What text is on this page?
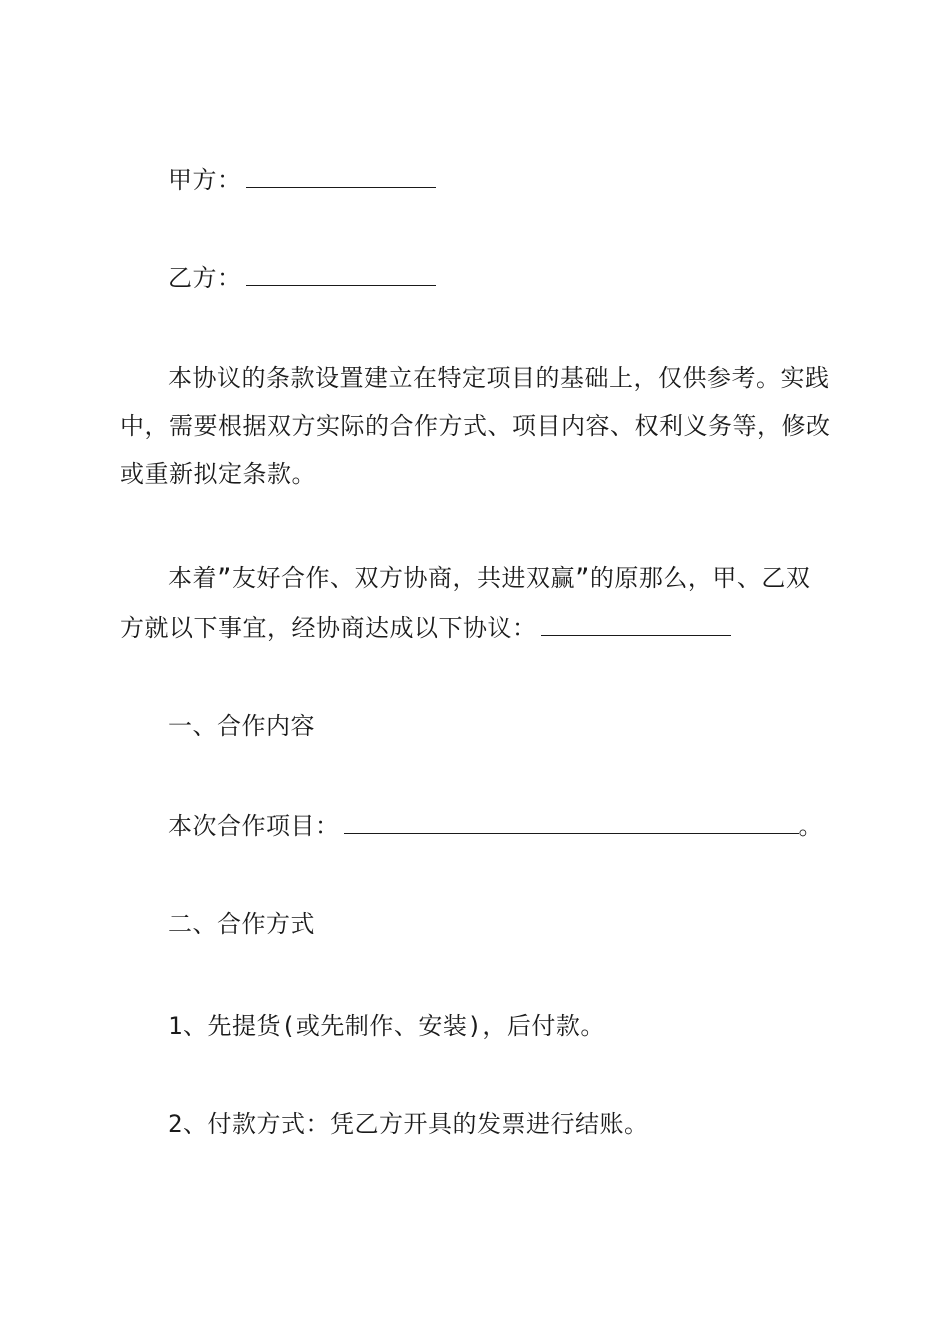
甲方：
乙方：
本协议的条款设置建立在特定项目的基础上，仅供参考。实践
中，需要根据双方实际的合作方式、项目内容、权利义务等，修改
或重新拟定条款。
本着”友好合作、双方协商，共进双赢”的原那么，甲、乙双
方就以下事宜，经协商达成以下协议：
一、合作内容
本次合作项目：	。
二、合作方式
1、先提货(或先制作、安装)，后付款。
2、付款方式：凭乙方开具的发票进行结账。
